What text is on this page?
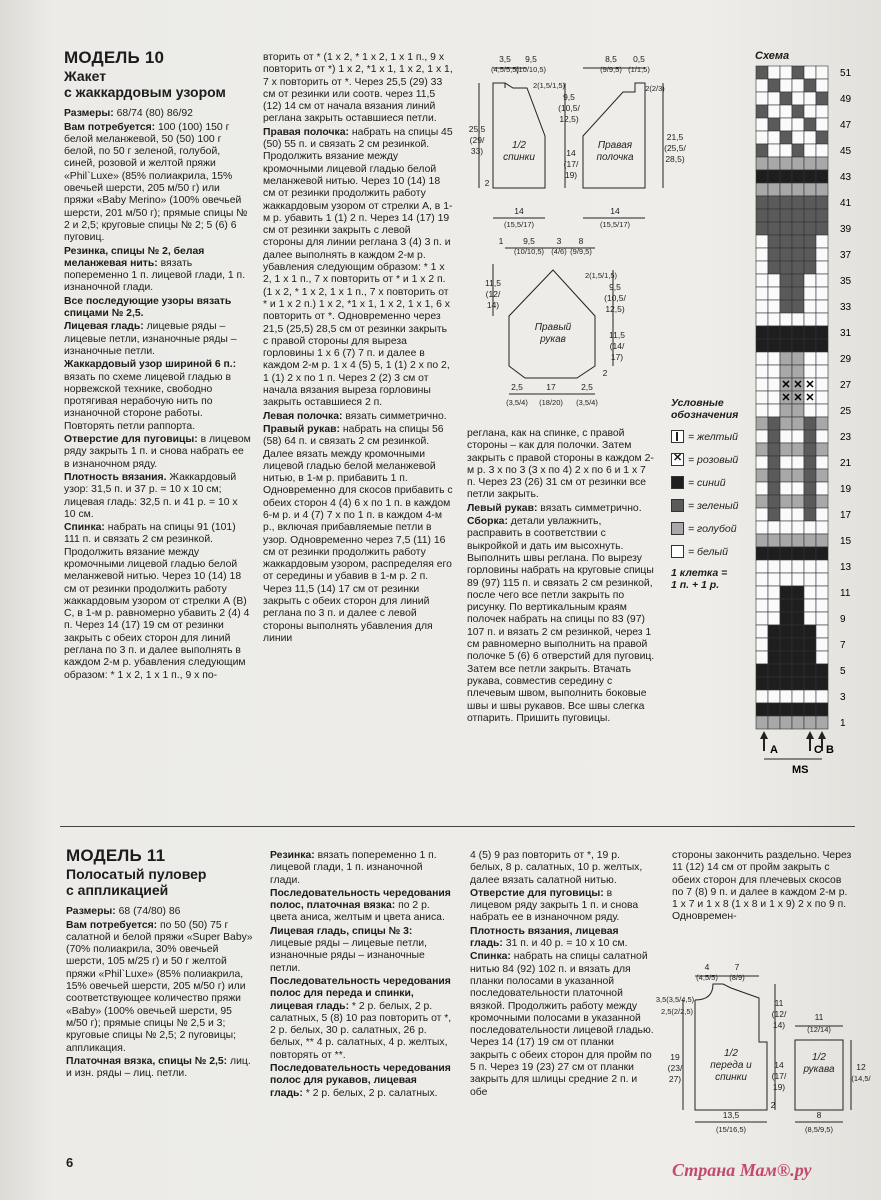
МОДЕЛЬ 10
Жакет
с жаккардовым узором

Размеры: 68/74 (80) 86/92

Вам потребуется: 100 (100) 150 г белой меланжевой, 50 (50) 100 г белой, по 50 г зеленой, голубой, синей, розовой и желтой пряжи «Phil`Luxe» (85% полиакрила, 15% овечьей шерсти, 205 м/50 г) или пряжи «Baby Merino» (100% овечьей шерсти, 201 м/50 г); прямые спицы № 2 и 2,5; круговые спицы № 2; 5 (6) 6 пуговиц.

Резинка, спицы № 2, белая меланжевая нить: вязать попеременно 1 п. лицевой глади, 1 п. изнаночной глади.

Все последующие узоры вязать спицами № 2,5.

Лицевая гладь: лицевые ряды – лицевые петли, изнаночные ряды – изнаночные петли.

Жаккардовый узор шириной 6 п.: вязать по схеме лицевой гладью в норвежской технике, свободно протягивая нерабочую нить по изнаночной стороне работы. Повторять петли раппорта.

Отверстие для пуговицы: в лицевом ряду закрыть 1 п. и снова набрать ее в изнаночном ряду.

Плотность вязания. Жаккардовый узор: 31,5 п. и 37 р. = 10 x 10 см; лицевая гладь: 32,5 п. и 41 р. = 10 x 10 см.

Спинка: набрать на спицы 91 (101) 111 п. и связать 2 см резинкой. Продолжить вязание между кромочными лицевой гладью белой меланжевой нитью. Через 10 (14) 18 см от резинки продолжить работу жаккардовым узором от стрелки А (В) С, в 1-м р. равномерно убавить 2 (4) 4 п. Через 14 (17) 19 см от резинки закрыть с обеих сторон для линий реглана по 3 п. и далее выполнять в каждом 2-м р. убавления следующим образом: * 1 x 2, 1 x 1 п., 9 x по-

вторить от * (1 x 2, * 1 x 2, 1 x 1 п., 9 x повторить от *) 1 x 2, *1 x 1, 1 x 2, 1 x 1, 7 x повторить от *. Через 25,5 (29) 33 см от резинки или соотв. через 11,5 (12) 14 см от начала вязания линий реглана закрыть оставшиеся петли.

Правая полочка: набрать на спицы 45 (50) 55 п. и связать 2 см резинкой. Продолжить вязание между кромочными лицевой гладью белой меланжевой нитью. Через 10 (14) 18 см от резинки продолжить работу жаккардовым узором от стрелки А, в 1-м р. убавить 1 (1) 2 п. Через 14 (17) 19 см от резинки закрыть с левой стороны для линии реглана 3 (4) 3 п. и далее выполнять в каждом 2-м р. убавления следующим образом: * 1 x 2, 1 x 1 п., 7 x повторить от * и 1 x 2 п. (1 x 2, * 1 x 2, 1 x 1 п., 7 x повторить от * и 1 x 2 п.) 1 x 2, *1 x 1, 1 x 2, 1 x 1, 6 x повторить от *. Одновременно через 21,5 (25,5) 28,5 см от резинки закрыть с правой стороны для выреза горловины 1 x 6 (7) 7 п. и далее в каждом 2-м р. 1 x 4 (5) 5, 1 (1) 2 x по 2, 1 (1) 2 x по 1 п. Через 2 (2) 3 см от начала вязания выреза горловины закрыть оставшиеся 2 п.

Левая полочка: вязать симметрично.

Правый рукав: набрать на спицы 56 (58) 64 п. и связать 2 см резинкой. Далее вязать между кромочными лицевой гладью белой меланжевой нитью, в 1-м р. прибавить 1 п. Одновременно для скосов прибавить с обеих сторон 4 (4) 6 x по 1 п. в каждом 6-м р. и 4 (7) 7 x по 1 п. в каждом 4-м р., включая прибавляемые петли в узор. Одновременно через 7,5 (11) 16 см от резинки продолжить работу жаккардовым узором, распределяя его от середины и убавив в 1-м р. 2 п. Через 11,5 (14) 17 см от резинки закрыть с обеих сторон для линий реглана по 3 п. и далее с левой стороны выполнять убавления для линии

реглана, как на спинке, с правой стороны – как для полочки. Затем закрыть с правой стороны в каждом 2-м р. 3 x по 3 (3 x по 4) 2 x по 6 и 1 x 7 п. Через 23 (26) 31 см от резинки все петли закрыть.

Левый рукав: вязать симметрично.

Сборка: детали увлажнить, расправить в соответствии с выкройкой и дать им высохнуть. Выполнить швы реглана. По вырезу горловины набрать на круговые спицы 89 (97) 115 п. и связать 2 см резинкой, после чего все петли закрыть по рисунку. По вертикальным краям полочек набрать на спицы по 83 (97) 107 п. и вязать 2 см резинкой, через 1 см равномерно выполнить на правой полочке 5 (6) 6 отверстий для пуговиц. Затем все петли закрыть. Втачать рукава, совместив середину с плечевым швом, выполнить боковые швы и швы рукавов. Все швы слегка отпарить. Пришить пуговицы.

3,5
(4,5/5,5)
9,5
(10/10,5)
8,5
(9/9,5)
0,5
(1/1,5)
25,5
(29/
33)
2(1,5/1,5)
9,5
(10,5/
12,5)
14
(17/
19)
2(2/3)
21,5
(25,5/
28,5)
2
14
(15,5/17)
14
(15,5/17)
1/2
спинки
Правая
полочка
1 9,5
(10/10,5)
3
(4/6)
8
(9/9,5)
11,5
(12/
14)
2(1,5/1,5)
9,5
(10,5/
12,5)
11,5
(14/
17)
2
2,5
(3,5/4)
17
(18/20)
2,5
(3,5/4)
Правый
рукав
Схема
✕ ✕ ✕
✕ ✕ ✕
51
49
47
45
43
41
39
37
35
33
31
29
27
25
23
21
19
17
15
13
11
9
7
5
3
1
A	C B
MS
Условные
обозначения
= желтый
✕ = розовый
= синий
= зеленый
= голубой
= белый
1 клетка =
1 п. + 1 р.
МОДЕЛЬ 11
Полосатый пуловер
с аппликацией

Размеры: 68 (74/80) 86

Вам потребуется: по 50 (50) 75 г салатной и белой пряжи «Super Baby» (70% полиакрила, 30% овечьей шерсти, 105 м/25 г) и 50 г желтой пряжи «Phil`Luxe» (85% полиакрила, 15% овечьей шерсти, 205 м/50 г) или соответствующее количество пряжи «Baby» (100% овечьей шерсти, 95 м/50 г); прямые спицы № 2,5 и 3; круговые спицы № 2,5; 2 пуговицы; аппликация.

Платочная вязка, спицы № 2,5: лиц. и изн. ряды – лиц. петли.

Резинка: вязать попеременно 1 п. лицевой глади, 1 п. изнаночной глади.

Последовательность чередования полос, платочная вязка: по 2 р. цвета аниса, желтым и цвета аниса.

Лицевая гладь, спицы № 3: лицевые ряды – лицевые петли, изнаночные ряды – изнаночные петли.

Последовательность чередования полос для переда и спинки, лицевая гладь: * 2 р. белых, 2 р. салатных, 5 (8) 10 раз повторить от *, 2 р. белых, 30 р. салатных, 26 р. белых, ** 4 р. салатных, 4 р. желтых, повторять от **.

Последовательность чередования полос для рукавов, лицевая гладь: * 2 р. белых, 2 р. салатных.

4 (5) 9 раз повторить от *, 19 р. белых, 8 р. салатных, 10 р. желтых, далее вязать салатной нитью.

Отверстие для пуговицы: в лицевом ряду закрыть 1 п. и снова набрать ее в изнаночном ряду.

Плотность вязания, лицевая гладь: 31 п. и 40 р. = 10 x 10 см.

Спинка: набрать на спицы салатной нитью 84 (92) 102 п. и вязать для планки полосами в указанной последовательности платочной вязкой. Продолжить работу между кромочными полосами в указанной последовательности лицевой гладью. Через 14 (17) 19 см от планки закрыть с обеих сторон для пройм по 5 п. Через 19 (23) 27 см от планки закрыть для шлицы средние 2 п. и обе

стороны закончить раздельно. Через 11 (12) 14 см от пройм закрыть с обеих сторон для плечевых скосов по 7 (8) 9 п. и далее в каждом 2-м р. 1 x 7 и 1 x 8 (1 x 8 и 1 x 9) 2 x по 9 п. Одновремен-

4
(4,5/5)
7
(8/9)
3,5(3,5/4,5)
2,5(2/2,5)
11
(12/
14)
19
(23/
27)
14
(17/
19)
2
13,5
(15/16,5)
11
(12/14)
12
(14,5/
8
(8,5/9,5)
1/2
переда и
спинки
1/2
рукава
6	Страна Мам®.ру
